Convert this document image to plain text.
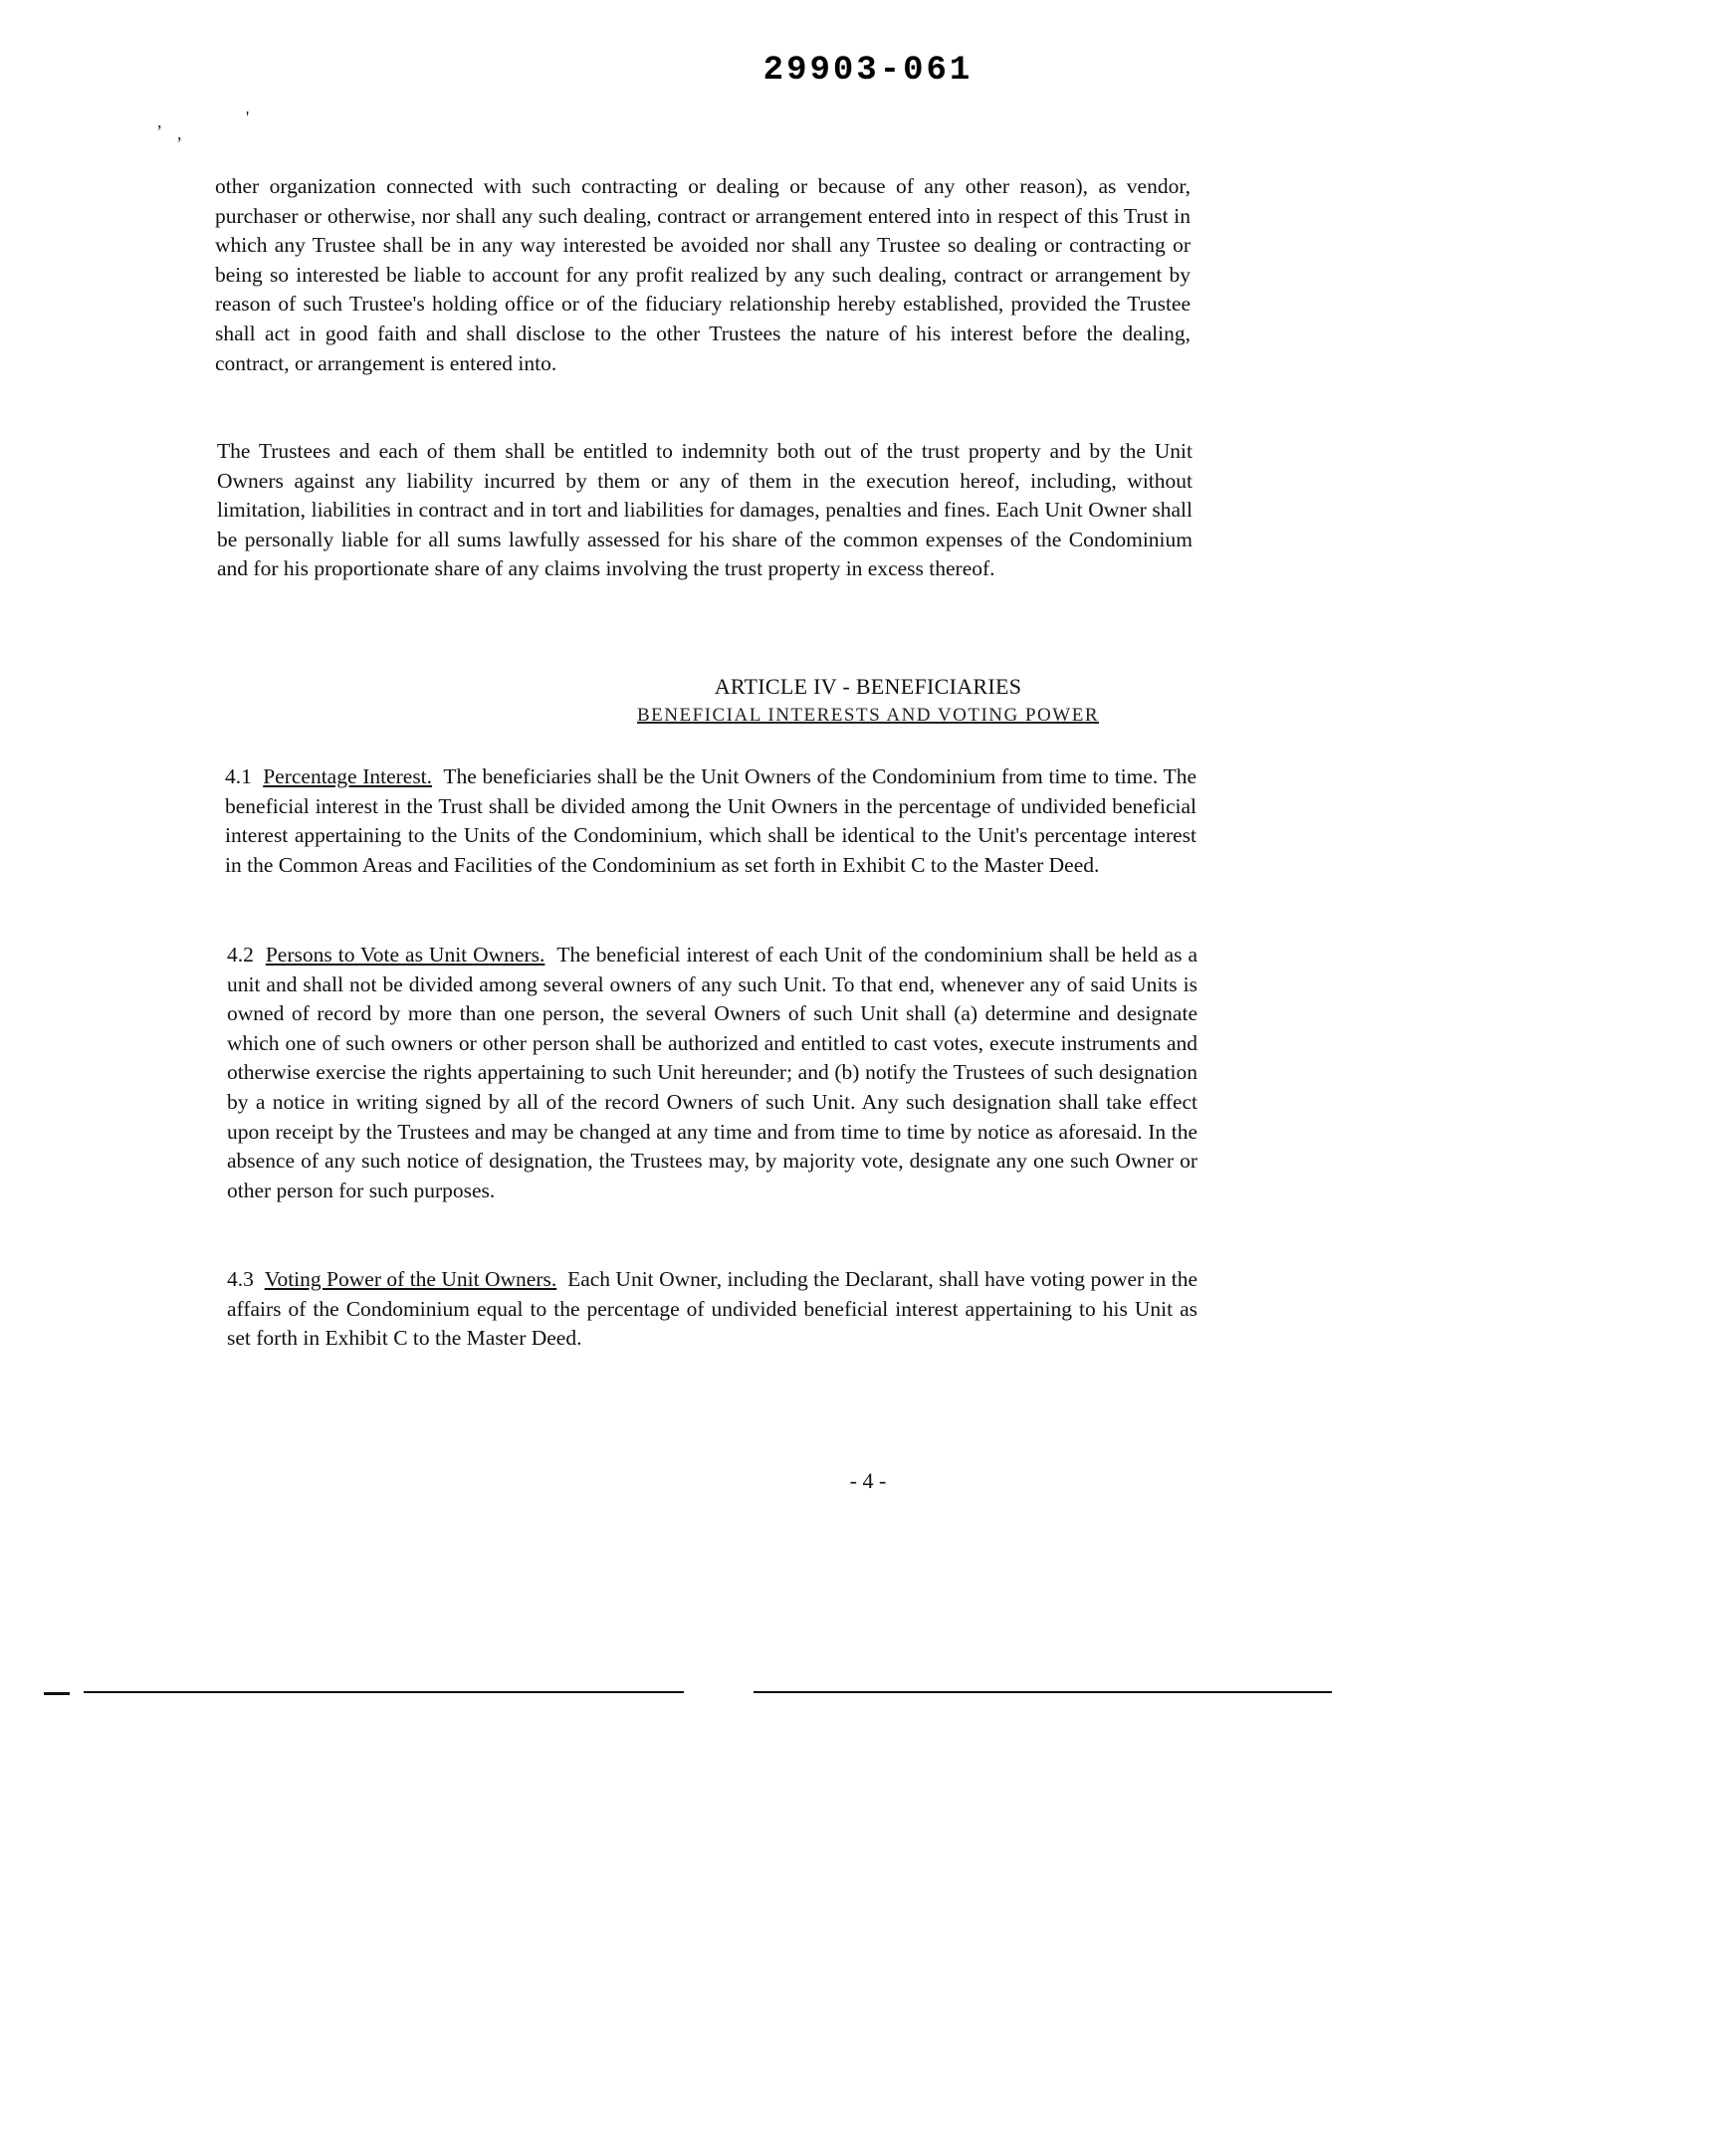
29903-061
,
,
'

other organization connected with such contracting or dealing or because of any other reason), as vendor, purchaser or otherwise, nor shall any such dealing, contract or arrangement entered into in respect of this Trust in which any Trustee shall be in any way interested be avoided nor shall any Trustee so dealing or contracting or being so interested be liable to account for any profit realized by any such dealing, contract or arrangement by reason of such Trustee's holding office or of the fiduciary relationship hereby established, provided the Trustee shall act in good faith and shall disclose to the other Trustees the nature of his interest before the dealing, contract, or arrangement is entered into.

The Trustees and each of them shall be entitled to indemnity both out of the trust property and by the Unit Owners against any liability incurred by them or any of them in the execution hereof, including, without limitation, liabilities in contract and in tort and liabilities for damages, penalties and fines. Each Unit Owner shall be personally liable for all sums lawfully assessed for his share of the common expenses of the Condominium and for his proportionate share of any claims involving the trust property in excess thereof.

ARTICLE IV - BENEFICIARIES
BENEFICIAL INTERESTS AND VOTING POWER

4.1 Percentage Interest. The beneficiaries shall be the Unit Owners of the Condominium from time to time. The beneficial interest in the Trust shall be divided among the Unit Owners in the percentage of undivided beneficial interest appertaining to the Units of the Condominium, which shall be identical to the Unit's percentage interest in the Common Areas and Facilities of the Condominium as set forth in Exhibit C to the Master Deed.

4.2 Persons to Vote as Unit Owners. The beneficial interest of each Unit of the condominium shall be held as a unit and shall not be divided among several owners of any such Unit. To that end, whenever any of said Units is owned of record by more than one person, the several Owners of such Unit shall (a) determine and designate which one of such owners or other person shall be authorized and entitled to cast votes, execute instruments and otherwise exercise the rights appertaining to such Unit hereunder; and (b) notify the Trustees of such designation by a notice in writing signed by all of the record Owners of such Unit. Any such designation shall take effect upon receipt by the Trustees and may be changed at any time and from time to time by notice as aforesaid. In the absence of any such notice of designation, the Trustees may, by majority vote, designate any one such Owner or other person for such purposes.

4.3 Voting Power of the Unit Owners. Each Unit Owner, including the Declarant, shall have voting power in the affairs of the Condominium equal to the percentage of undivided beneficial interest appertaining to his Unit as set forth in Exhibit C to the Master Deed.

- 4 -
